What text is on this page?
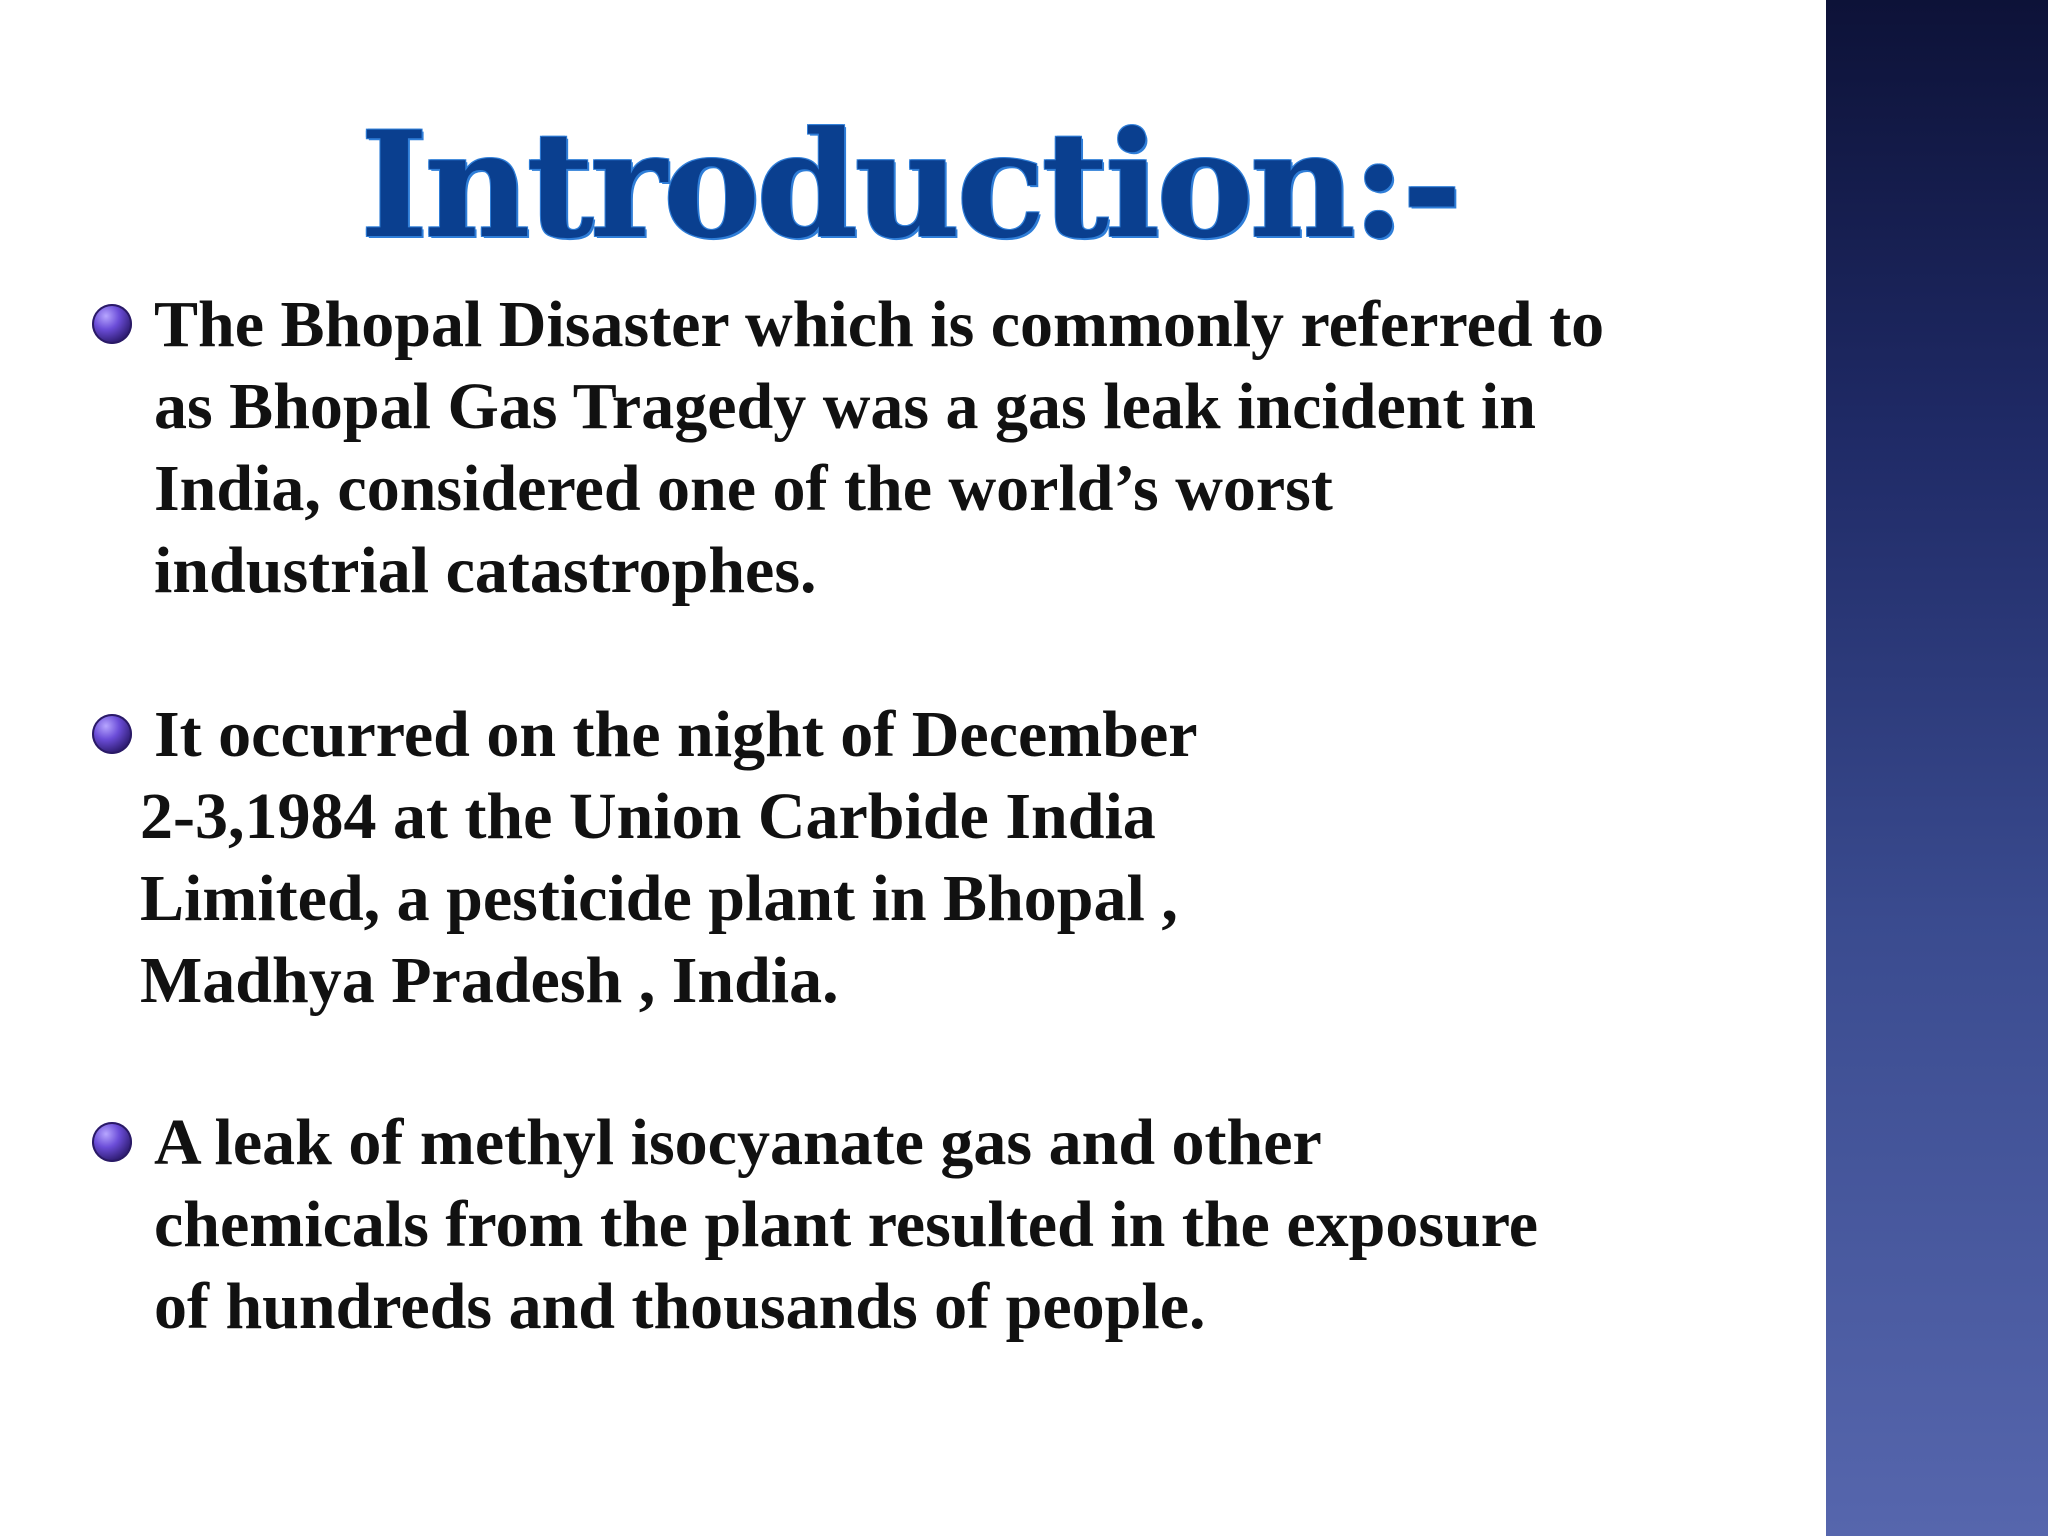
Introduction:-
The Bhopal Disaster which is commonly referred to
as Bhopal Gas Tragedy was a gas leak incident in
India, considered one of the world’s worst
industrial catastrophes.
It occurred on the night of December
2-3,1984 at the Union Carbide India
Limited, a pesticide plant in Bhopal ,
Madhya Pradesh , India.
A leak of methyl isocyanate gas and other
chemicals from the plant resulted in the exposure
of hundreds and thousands of people.
